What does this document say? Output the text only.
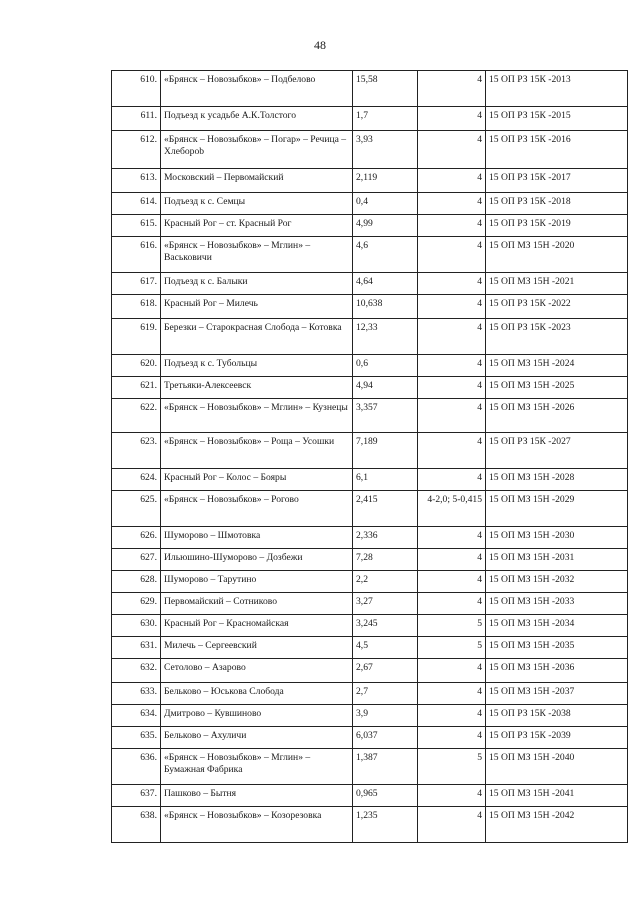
48
610.	«Брянск – Новозыбков» – Подбелово	15,58	4	15 ОП РЗ 15К -2013
611.	Подъезд к усадьбе А.К.Толстого	1,7	4	15 ОП РЗ 15К -2015
612.	«Брянск – Новозыбков» – Погар» – Речица – Хлеборob	3,93	4	15 ОП РЗ 15К -2016
613.	Московский – Первомайский	2,119	4	15 ОП РЗ 15К -2017
614.	Подъезд к с. Семцы	0,4	4	15 ОП РЗ 15К -2018
615.	Красный Рог – ст. Красный Рог	4,99	4	15 ОП РЗ 15К -2019
616.	«Брянск – Новозыбков» – Мглин» – Васьковичи	4,6	4	15 ОП МЗ 15Н -2020
617.	Подъезд к с. Балыки	4,64	4	15 ОП МЗ 15Н -2021
618.	Красный Рог – Милечь	10,638	4	15 ОП РЗ 15К -2022
619.	Березки – Старокрасная Слобода – Котовка	12,33	4	15 ОП РЗ 15К -2023
620.	Подъезд к с. Тубольцы	0,6	4	15 ОП МЗ 15Н -2024
621.	Третьяки-Алексеевск	4,94	4	15 ОП МЗ 15Н -2025
622.	«Брянск – Новозыбков» – Мглин» – Кузнецы	3,357	4	15 ОП МЗ 15Н -2026
623.	«Брянск – Новозыбков» – Роща – Усошки	7,189	4	15 ОП РЗ 15К -2027
624.	Красный Рог – Колос – Бояры	6,1	4	15 ОП МЗ 15Н -2028
625.	«Брянск – Новозыбков» – Рогово	2,415	4-2,0; 5-0,415	15 ОП МЗ 15Н -2029
626.	Шуморово – Шмотовка	2,336	4	15 ОП МЗ 15Н -2030
627.	Ильюшино-Шуморово – Дозбежи	7,28	4	15 ОП МЗ 15Н -2031
628.	Шуморово – Тарутино	2,2	4	15 ОП МЗ 15Н -2032
629.	Первомайский – Сотниково	3,27	4	15 ОП МЗ 15Н -2033
630.	Красный Рог – Красномайская	3,245	5	15 ОП МЗ 15Н -2034
631.	Милечь – Сергеевский	4,5	5	15 ОП МЗ 15Н -2035
632.	Сетолово – Азарово	2,67	4	15 ОП МЗ 15Н -2036
633.	Бельково – Юськова Слобода	2,7	4	15 ОП МЗ 15Н -2037
634.	Дмитрово – Кувшиново	3,9	4	15 ОП РЗ 15К -2038
635.	Бельково – Ахуличи	6,037	4	15 ОП РЗ 15К -2039
636.	«Брянск – Новозыбков» – Мглин» – Бумажная Фабрика	1,387	5	15 ОП МЗ 15Н -2040
637.	Пашково – Бытня	0,965	4	15 ОП МЗ 15Н -2041
638.	«Брянск – Новозыбков» – Козорезовка	1,235	4	15 ОП МЗ 15Н -2042
